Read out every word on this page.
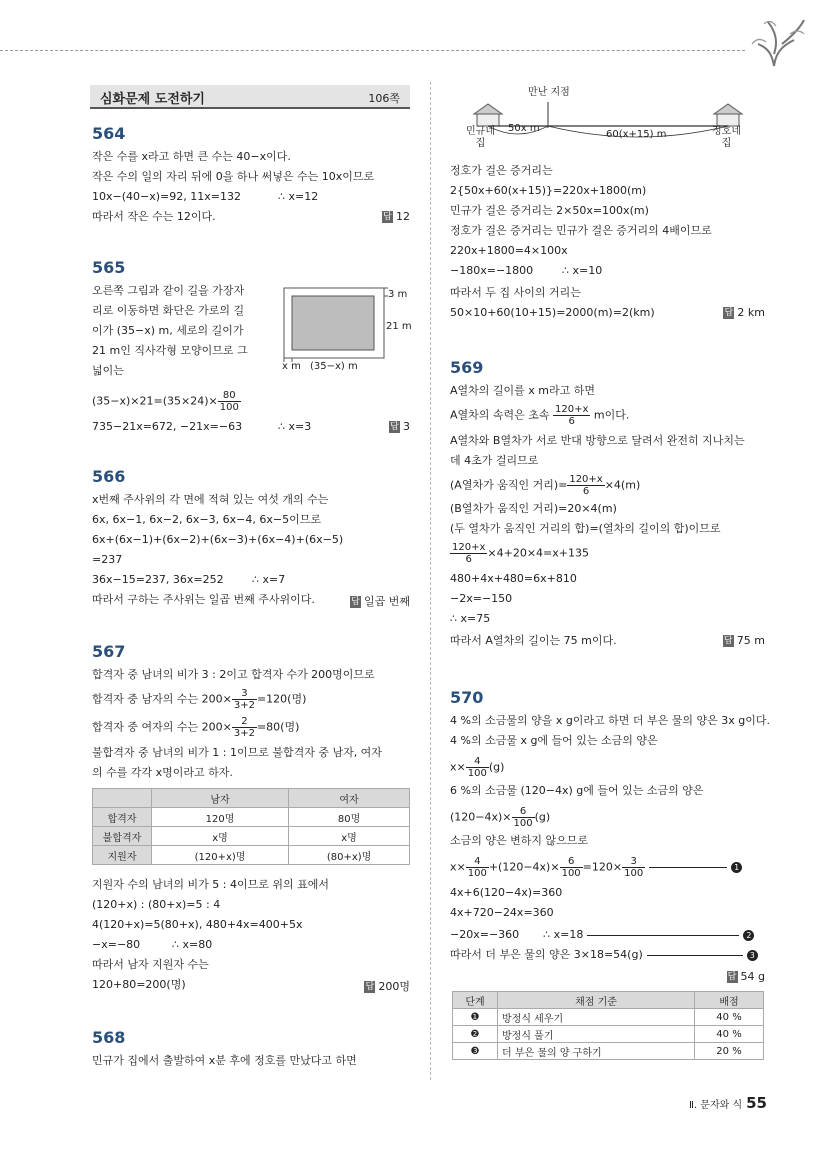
심화문제 도전하기	106쪽
564
작은 수를 x라고 하면 큰 수는 40−x이다.
작은 수의 일의 자리 뒤에 0을 하나 써넣은 수는 10x이므로
10x−(40−x)=92, 11x=132	∴ x=12
따라서 작은 수는 12이다.	답 12
565
오른쪽 그림과 같이 길을 가장자
리로 이동하면 화단은 가로의 길
이가 (35−x) m, 세로의 길이가
21 m인 직사각형 모양이므로 그
넓이는
3 m
21 m
x m (35−x) m
$(35-x)\times 21=(35\times 24)\times \frac{80}{100}$
735−21x=672, −21x=−63	∴ x=3	답 3
566
x번째 주사위의 각 면에 적혀 있는 여섯 개의 수는
6x, 6x−1, 6x−2, 6x−3, 6x−4, 6x−5이므로
6x+(6x−1)+(6x−2)+(6x−3)+(6x−4)+(6x−5)
=237
36x−15=237, 36x=252	∴ x=7
따라서 구하는 주사위는 일곱 번째 주사위이다.	답 일곱 번째
567
합격자 중 남녀의 비가 3 : 2이고 합격자 수가 200명이므로
합격자 중 남자의 수는 $200\times \frac{3}{3+2} =120$(명)
합격자 중 여자의 수는 $200\times \frac{2}{3+2} =80$(명)
불합격자 중 남녀의 비가 1 : 1이므로 불합격자 중 남자, 여자
의 수를 각각 x명이라고 하자.
	남자	여자
합격자	120명	80명
불합격자	x명	x명
지원자	(120+x)명	(80+x)명
지원자 수의 남녀의 비가 5 : 4이므로 위의 표에서
(120+x) : (80+x)=5 : 4
4(120+x)=5(80+x), 480+4x=400+5x
−x=−80	∴ x=80
따라서 남자 지원자 수는
120+80=200(명)	답 200명
568
민규가 집에서 출발하여 x분 후에 정호를 만났다고 하면
만난 지점
민규네
집
정호네
집
50x m
60(x+15) m
정호가 걸은 증거리는
2{50x+60(x+15)}=220x+1800(m)
민규가 걸은 증거리는 2×50x=100x(m)
정호가 걸은 증거리는 민규가 걸은 증거리의 4배이므로
220x+1800=4×100x
−180x=−1800	∴ x=10
따라서 두 집 사이의 거리는
50×10+60(10+15)=2000(m)=2(km)	답 2 km
569
A열차의 길이를 x m라고 하면
A열차의 속력은 초속 $\frac{120+x}{6}$ m이다.
A열차와 B열차가 서로 반대 방향으로 달려서 완전히 지나치는
데 4초가 걸리므로
(A열차가 움직인 거리)= $\frac{120+x}{6} \times 4(m)$
(B열차가 움직인 거리)=20×4(m)
(두 열차가 움직인 거리의 합)=(열차의 길이의 합)이므로
$\frac{120+x}{6} \times 4+20\times 4=x+135$
480+4x+480=6x+810
−2x=−150
∴ x=75
따라서 A열차의 길이는 75 m이다.	답 75 m
570
4 %의 소금물의 양을 x g이라고 하면 더 부은 물의 양은 3x g이다.
4 %의 소금물 x g에 들어 있는 소금의 양은
$x\times \frac{4}{100} (g)$
6 %의 소금물 (120−4x) g에 들어 있는 소금의 양은
$(120-4x)\times \frac{6}{100} (g)$
소금의 양은 변하지 않으므로
$x\times \frac{4}{100} +(120-4x)\times \frac{6}{100} =120\times \frac{3}{100}$	1
4x+6(120−4x)=360
4x+720−24x=360
−20x=−360 ∴ x=18	2
따라서 더 부은 물의 양은 3×18=54(g)	3
답 54 g
단계	채점 기준	배점
❶	방정식 세우기	40 %
❷	방정식 풀기	40 %
❸	더 부은 물의 양 구하기	20 %
Ⅱ. 문자와 식 55
